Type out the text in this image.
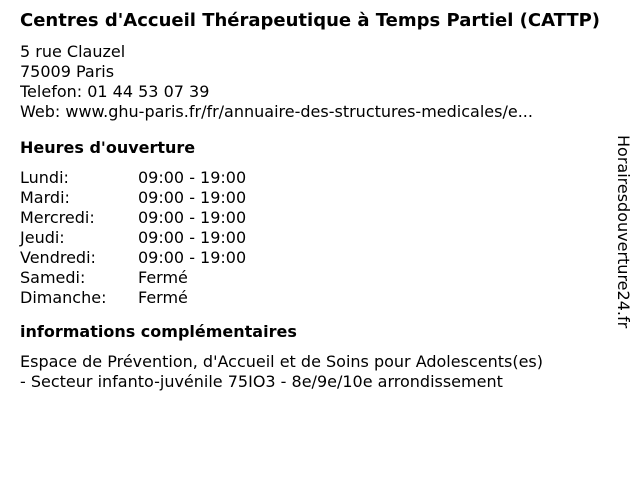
Centres d'Accueil Thérapeutique à Temps Partiel (CATTP)
5 rue Clauzel
75009 Paris
Telefon: 01 44 53 07 39
Web: www.ghu-paris.fr/fr/annuaire-des-structures-medicales/e...
Heures d'ouverture
Lundi:	09:00 - 19:00
Mardi:	09:00 - 19:00
Mercredi:	09:00 - 19:00
Jeudi:	09:00 - 19:00
Vendredi:	09:00 - 19:00
Samedi:	Fermé
Dimanche:	Fermé
informations complémentaires
Espace de Prévention, d'Accueil et de Soins pour Adolescents(es)
- Secteur infanto-juvénile 75IO3 - 8e/9e/10e arrondissement
Horairesdouverture24.fr
